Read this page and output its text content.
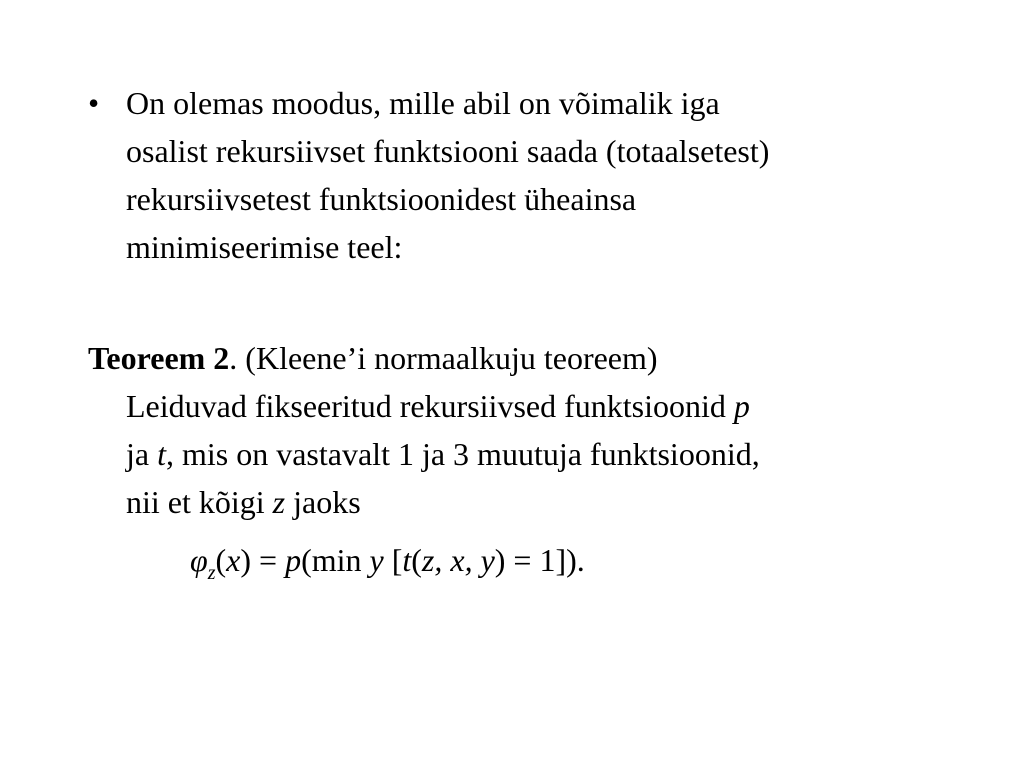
• On olemas moodus, mille abil on võimalik iga
osalist rekursiivset funktsiooni saada (totaalsetest)
rekursiivsetest funktsioonidest üheainsa
minimiseerimise teel:
Teoreem 2. (Kleene’i normaalkuju teoreem)
Leiduvad fikseeritud rekursiivsed funktsioonid p
ja t, mis on vastavalt 1 ja 3 muutuja funktsioonid,
nii et kõigi z jaoks
$\varphi_z(x) = p(\min$ y [t(z, x, y) = 1]).
